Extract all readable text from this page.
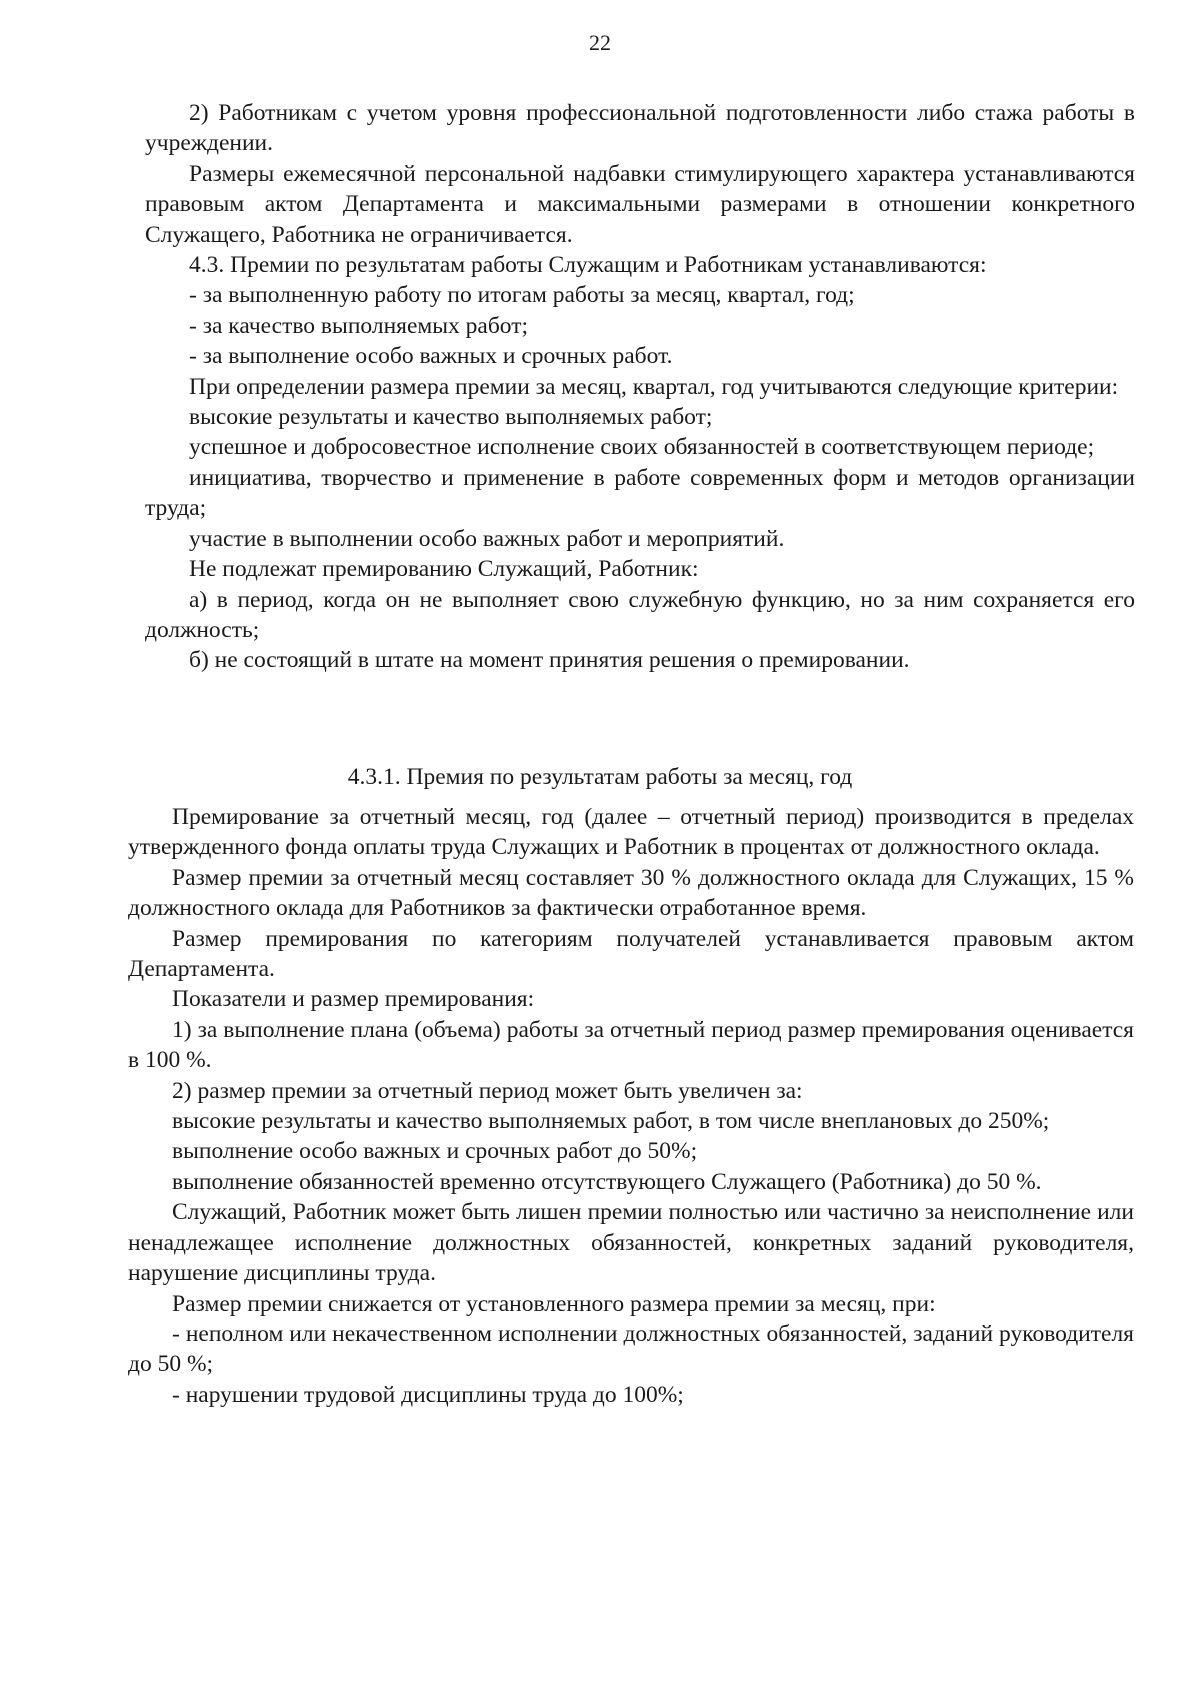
22

2) Работникам с учетом уровня профессиональной подготовленности либо стажа работы в учреждении.

Размеры ежемесячной персональной надбавки стимулирующего характера устанавливаются правовым актом Департамента и максимальными размерами в отношении конкретного Служащего, Работника не ограничивается.

4.3. Премии по результатам работы Служащим и Работникам устанавливаются:

- за выполненную работу по итогам работы за месяц, квартал, год;

- за качество выполняемых работ;

- за выполнение особо важных и срочных работ.

При определении размера премии за месяц, квартал, год учитываются следующие критерии:

высокие результаты и качество выполняемых работ;

успешное и добросовестное исполнение своих обязанностей в соответствующем периоде;

инициатива, творчество и применение в работе современных форм и методов организации труда;

участие в выполнении особо важных работ и мероприятий.

Не подлежат премированию Служащий, Работник:

а) в период, когда он не выполняет свою служебную функцию, но за ним сохраняется его должность;

б) не состоящий в штате на момент принятия решения о премировании.

4.3.1. Премия по результатам работы за месяц, год

Премирование за отчетный месяц, год (далее – отчетный период) производится в пределах утвержденного фонда оплаты труда Служащих и Работник в процентах от должностного оклада.

Размер премии за отчетный месяц составляет 30 % должностного оклада для Служащих, 15 % должностного оклада для Работников за фактически отработанное время.

Размер премирования по категориям получателей устанавливается правовым актом Департамента.

Показатели и размер премирования:

1) за выполнение плана (объема) работы за отчетный период размер премирования оценивается в 100 %.

2) размер премии за отчетный период может быть увеличен за:

высокие результаты и качество выполняемых работ, в том числе внеплановых до 250%;

выполнение особо важных и срочных работ до 50%;

выполнение обязанностей временно отсутствующего Служащего (Работника) до 50 %.

Служащий, Работник может быть лишен премии полностью или частично за неисполнение или ненадлежащее исполнение должностных обязанностей, конкретных заданий руководителя, нарушение дисциплины труда.

Размер премии снижается от установленного размера премии за месяц, при:

- неполном или некачественном исполнении должностных обязанностей, заданий руководителя до 50 %;

- нарушении трудовой дисциплины труда до 100%;
